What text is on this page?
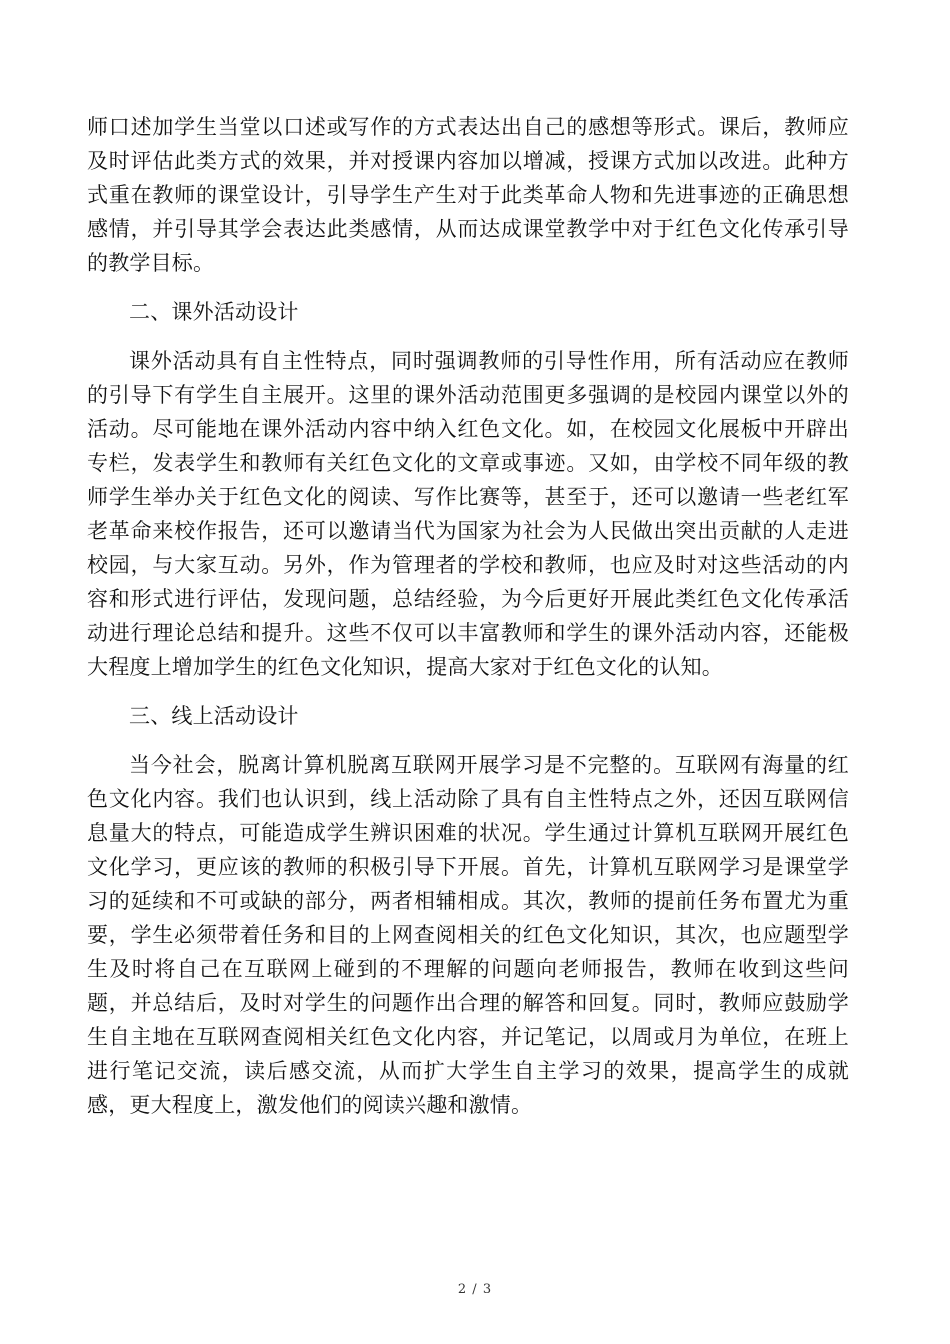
师口述加学生当堂以口述或写作的方式表达出自己的感想等形式。课后，教师应及时评估此类方式的效果，并对授课内容加以增减，授课方式加以改进。此种方式重在教师的课堂设计，引导学生产生对于此类革命人物和先进事迹的正确思想感情，并引导其学会表达此类感情，从而达成课堂教学中对于红色文化传承引导的教学目标。

二、课外活动设计

课外活动具有自主性特点，同时强调教师的引导性作用，所有活动应在教师的引导下有学生自主展开。这里的课外活动范围更多强调的是校园内课堂以外的活动。尽可能地在课外活动内容中纳入红色文化。如，在校园文化展板中开辟出专栏，发表学生和教师有关红色文化的文章或事迹。又如，由学校不同年级的教师学生举办关于红色文化的阅读、写作比赛等，甚至于，还可以邀请一些老红军老革命来校作报告，还可以邀请当代为国家为社会为人民做出突出贡献的人走进校园，与大家互动。另外，作为管理者的学校和教师，也应及时对这些活动的内容和形式进行评估，发现问题，总结经验，为今后更好开展此类红色文化传承活动进行理论总结和提升。这些不仅可以丰富教师和学生的课外活动内容，还能极大程度上增加学生的红色文化知识，提高大家对于红色文化的认知。

三、线上活动设计

当今社会，脱离计算机脱离互联网开展学习是不完整的。互联网有海量的红色文化内容。我们也认识到，线上活动除了具有自主性特点之外，还因互联网信息量大的特点，可能造成学生辨识困难的状况。学生通过计算机互联网开展红色文化学习，更应该的教师的积极引导下开展。首先，计算机互联网学习是课堂学习的延续和不可或缺的部分，两者相辅相成。其次，教师的提前任务布置尤为重要，学生必须带着任务和目的上网查阅相关的红色文化知识，其次，也应题型学生及时将自己在互联网上碰到的不理解的问题向老师报告，教师在收到这些问题，并总结后，及时对学生的问题作出合理的解答和回复。同时，教师应鼓励学生自主地在互联网查阅相关红色文化内容，并记笔记，以周或月为单位，在班上进行笔记交流，读后感交流，从而扩大学生自主学习的效果，提高学生的成就感，更大程度上，激发他们的阅读兴趣和激情。

2 / 3
